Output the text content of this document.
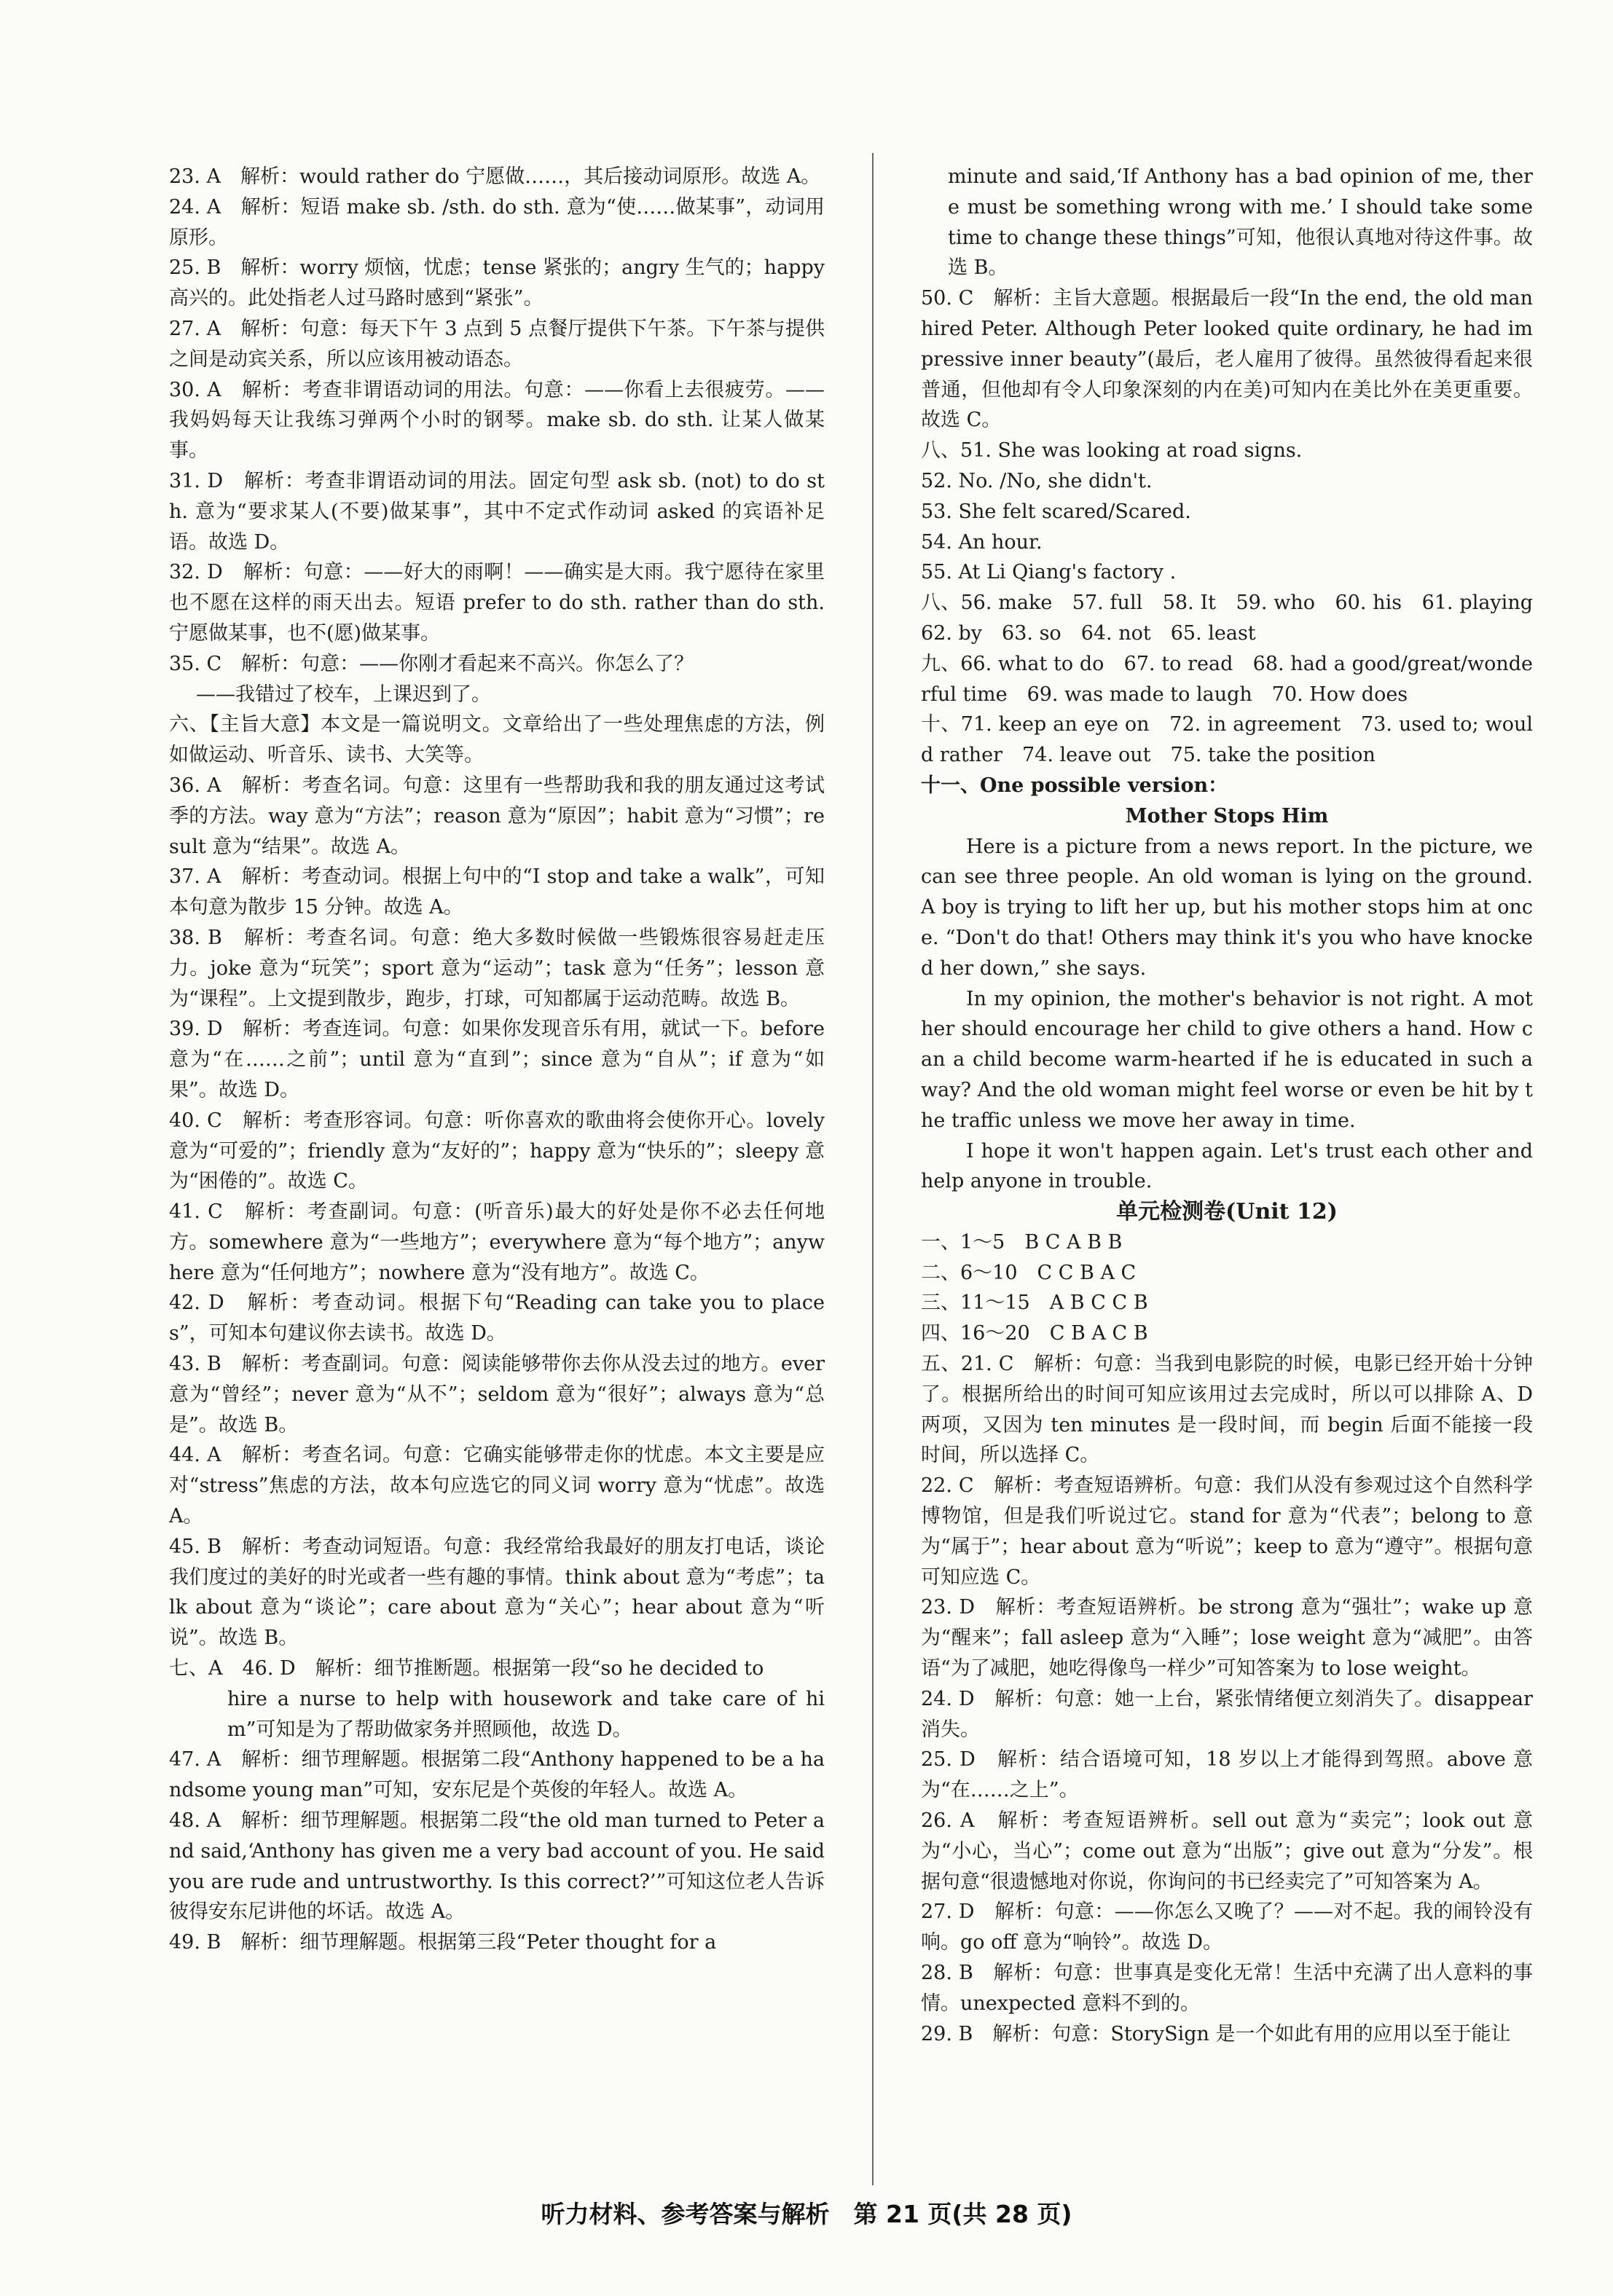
23. A　解析：would rather do 宁愿做……，其后接动词原形。故选 A。

24. A　解析：短语 make sb. /sth. do sth. 意为“使……做某事”，动词用原形。

25. B　解析：worry 烦恼，忧虑；tense 紧张的；angry 生气的；happy 高兴的。此处指老人过马路时感到“紧张”。

27. A　解析：句意：每天下午 3 点到 5 点餐厅提供下午茶。下午茶与提供之间是动宾关系，所以应该用被动语态。

30. A　解析：考查非谓语动词的用法。句意：——你看上去很疲劳。——我妈妈每天让我练习弹两个小时的钢琴。make sb. do sth. 让某人做某事。

31. D　解析：考查非谓语动词的用法。固定句型 ask sb. (not) to do sth. 意为“要求某人(不要)做某事”，其中不定式作动词 asked 的宾语补足语。故选 D。

32. D　解析：句意：——好大的雨啊！——确实是大雨。我宁愿待在家里也不愿在这样的雨天出去。短语 prefer to do sth. rather than do sth. 宁愿做某事，也不(愿)做某事。

35. C　解析：句意：——你刚才看起来不高兴。你怎么了？

——我错过了校车，上课迟到了。

六、【主旨大意】本文是一篇说明文。文章给出了一些处理焦虑的方法，例如做运动、听音乐、读书、大笑等。

36. A　解析：考查名词。句意：这里有一些帮助我和我的朋友通过这考试季的方法。way 意为“方法”；reason 意为“原因”；habit 意为“习惯”；result 意为“结果”。故选 A。

37. A　解析：考查动词。根据上句中的“I stop and take a walk”，可知本句意为散步 15 分钟。故选 A。

38. B　解析：考查名词。句意：绝大多数时候做一些锻炼很容易赶走压力。joke 意为“玩笑”；sport 意为“运动”；task 意为“任务”；lesson 意为“课程”。上文提到散步，跑步，打球，可知都属于运动范畴。故选 B。

39. D　解析：考查连词。句意：如果你发现音乐有用，就试一下。before 意为“在……之前”；until 意为“直到”；since 意为“自从”；if 意为“如果”。故选 D。

40. C　解析：考查形容词。句意：听你喜欢的歌曲将会使你开心。lovely 意为“可爱的”；friendly 意为“友好的”；happy 意为“快乐的”；sleepy 意为“困倦的”。故选 C。

41. C　解析：考查副词。句意：(听音乐)最大的好处是你不必去任何地方。somewhere 意为“一些地方”；everywhere 意为“每个地方”；anywhere 意为“任何地方”；nowhere 意为“没有地方”。故选 C。

42. D　解析：考查动词。根据下句“Reading can take you to places”，可知本句建议你去读书。故选 D。

43. B　解析：考查副词。句意：阅读能够带你去你从没去过的地方。ever 意为“曾经”；never 意为“从不”；seldom 意为“很好”；always 意为“总是”。故选 B。

44. A　解析：考查名词。句意：它确实能够带走你的忧虑。本文主要是应对“stress”焦虑的方法，故本句应选它的同义词 worry 意为“忧虑”。故选 A。

45. B　解析：考查动词短语。句意：我经常给我最好的朋友打电话，谈论我们度过的美好的时光或者一些有趣的事情。think about 意为“考虑”；talk about 意为“谈论”；care about 意为“关心”；hear about 意为“听说”。故选 B。

七、A　46. D　解析：细节推断题。根据第一段“so he decided to

hire a nurse to help with housework and take care of him”可知是为了帮助做家务并照顾他，故选 D。

47. A　解析：细节理解题。根据第二段“Anthony happened to be a handsome young man”可知，安东尼是个英俊的年轻人。故选 A。

48. A　解析：细节理解题。根据第二段“the old man turned to Peter and said,‘Anthony has given me a very bad account of you. He said you are rude and untrustworthy. Is this correct?’”可知这位老人告诉彼得安东尼讲他的坏话。故选 A。

49. B　解析：细节理解题。根据第三段“Peter thought for a

minute and said,‘If Anthony has a bad opinion of me, there must be something wrong with me.’ I should take some time to change these things”可知，他很认真地对待这件事。故选 B。

50. C　解析：主旨大意题。根据最后一段“In the end, the old man hired Peter. Although Peter looked quite ordinary, he had impressive inner beauty”(最后，老人雇用了彼得。虽然彼得看起来很普通，但他却有令人印象深刻的内在美)可知内在美比外在美更重要。故选 C。

八、51. She was looking at road signs.

52. No. /No, she didn't.

53. She felt scared/Scared.

54. An hour.

55. At Li Qiang's factory .

八、56. make　57. full　58. It　59. who　60. his　61. playing　62. by　63. so　64. not　65. least

九、66. what to do　67. to read　68. had a good/great/wonderful time　69. was made to laugh　70. How does

十、71. keep an eye on　72. in agreement　73. used to; would rather　74. leave out　75. take the position

十一、One possible version：

Mother Stops Him

Here is a picture from a news report. In the picture, we can see three people. An old woman is lying on the ground. A boy is trying to lift her up, but his mother stops him at once. “Don't do that! Others may think it's you who have knocked her down,” she says.

In my opinion, the mother's behavior is not right. A mother should encourage her child to give others a hand. How can a child become warm-hearted if he is educated in such a way? And the old woman might feel worse or even be hit by the traffic unless we move her away in time.

I hope it won't happen again. Let's trust each other and help anyone in trouble.

单元检测卷(Unit 12)

一、1～5　B C A B B

二、6～10　C C B A C

三、11～15　A B C C B

四、16～20　C B A C B

五、21. C　解析：句意：当我到电影院的时候，电影已经开始十分钟了。根据所给出的时间可知应该用过去完成时，所以可以排除 A、D 两项，又因为 ten minutes 是一段时间，而 begin 后面不能接一段时间，所以选择 C。

22. C　解析：考查短语辨析。句意：我们从没有参观过这个自然科学博物馆，但是我们听说过它。stand for 意为“代表”；belong to 意为“属于”；hear about 意为“听说”；keep to 意为“遵守”。根据句意可知应选 C。

23. D　解析：考查短语辨析。be strong 意为“强壮”；wake up 意为“醒来”；fall asleep 意为“入睡”；lose weight 意为“减肥”。由答语“为了减肥，她吃得像鸟一样少”可知答案为 to lose weight。

24. D　解析：句意：她一上台，紧张情绪便立刻消失了。disappear 消失。

25. D　解析：结合语境可知，18 岁以上才能得到驾照。above 意为“在……之上”。

26. A　解析：考查短语辨析。sell out 意为“卖完”；look out 意为“小心，当心”；come out 意为“出版”；give out 意为“分发”。根据句意“很遗憾地对你说，你询问的书已经卖完了”可知答案为 A。

27. D　解析：句意：——你怎么又晚了？——对不起。我的闹铃没有响。go off 意为“响铃”。故选 D。

28. B　解析：句意：世事真是变化无常！生活中充满了出人意料的事情。unexpected 意料不到的。

29. B　解析：句意：StorySign 是一个如此有用的应用以至于能让

听力材料、参考答案与解析　第 21 页(共 28 页)
